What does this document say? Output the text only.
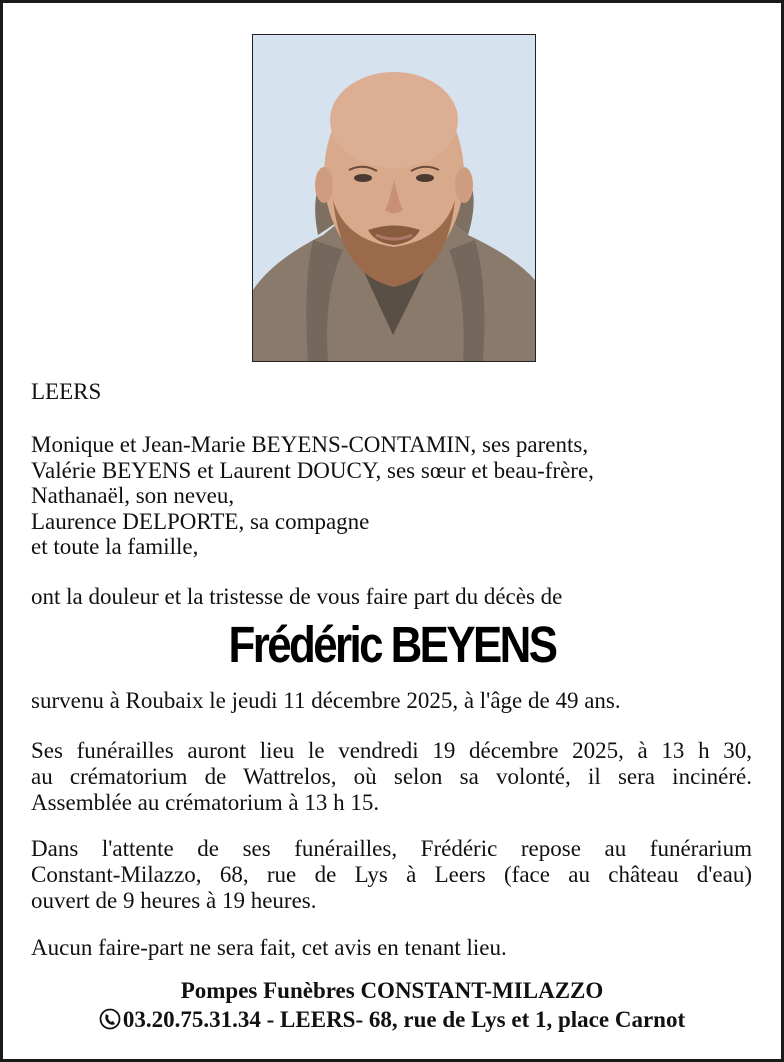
LEERS
Monique et Jean-Marie BEYENS-CONTAMIN, ses parents,
Valérie BEYENS et Laurent DOUCY, ses sœur et beau-frère,
Nathanaël, son neveu,
Laurence DELPORTE, sa compagne
et toute la famille,
ont la douleur et la tristesse de vous faire part du décès de
Frédéric BEYENS
survenu à Roubaix le jeudi 11 décembre 2025, à l'âge de 49 ans.
Ses funérailles auront lieu le vendredi 19 décembre 2025, à 13 h 30,
au crématorium de Wattrelos, où selon sa volonté, il sera incinéré.
Assemblée au crématorium à 13 h 15.
Dans l'attente de ses funérailles, Frédéric repose au funérarium
Constant-Milazzo, 68, rue de Lys à Leers (face au château d'eau)
ouvert de 9 heures à 19 heures.
Aucun faire-part ne sera fait, cet avis en tenant lieu.
Pompes Funèbres CONSTANT-MILAZZO
03.20.75.31.34 - LEERS- 68, rue de Lys et 1, place Carnot
